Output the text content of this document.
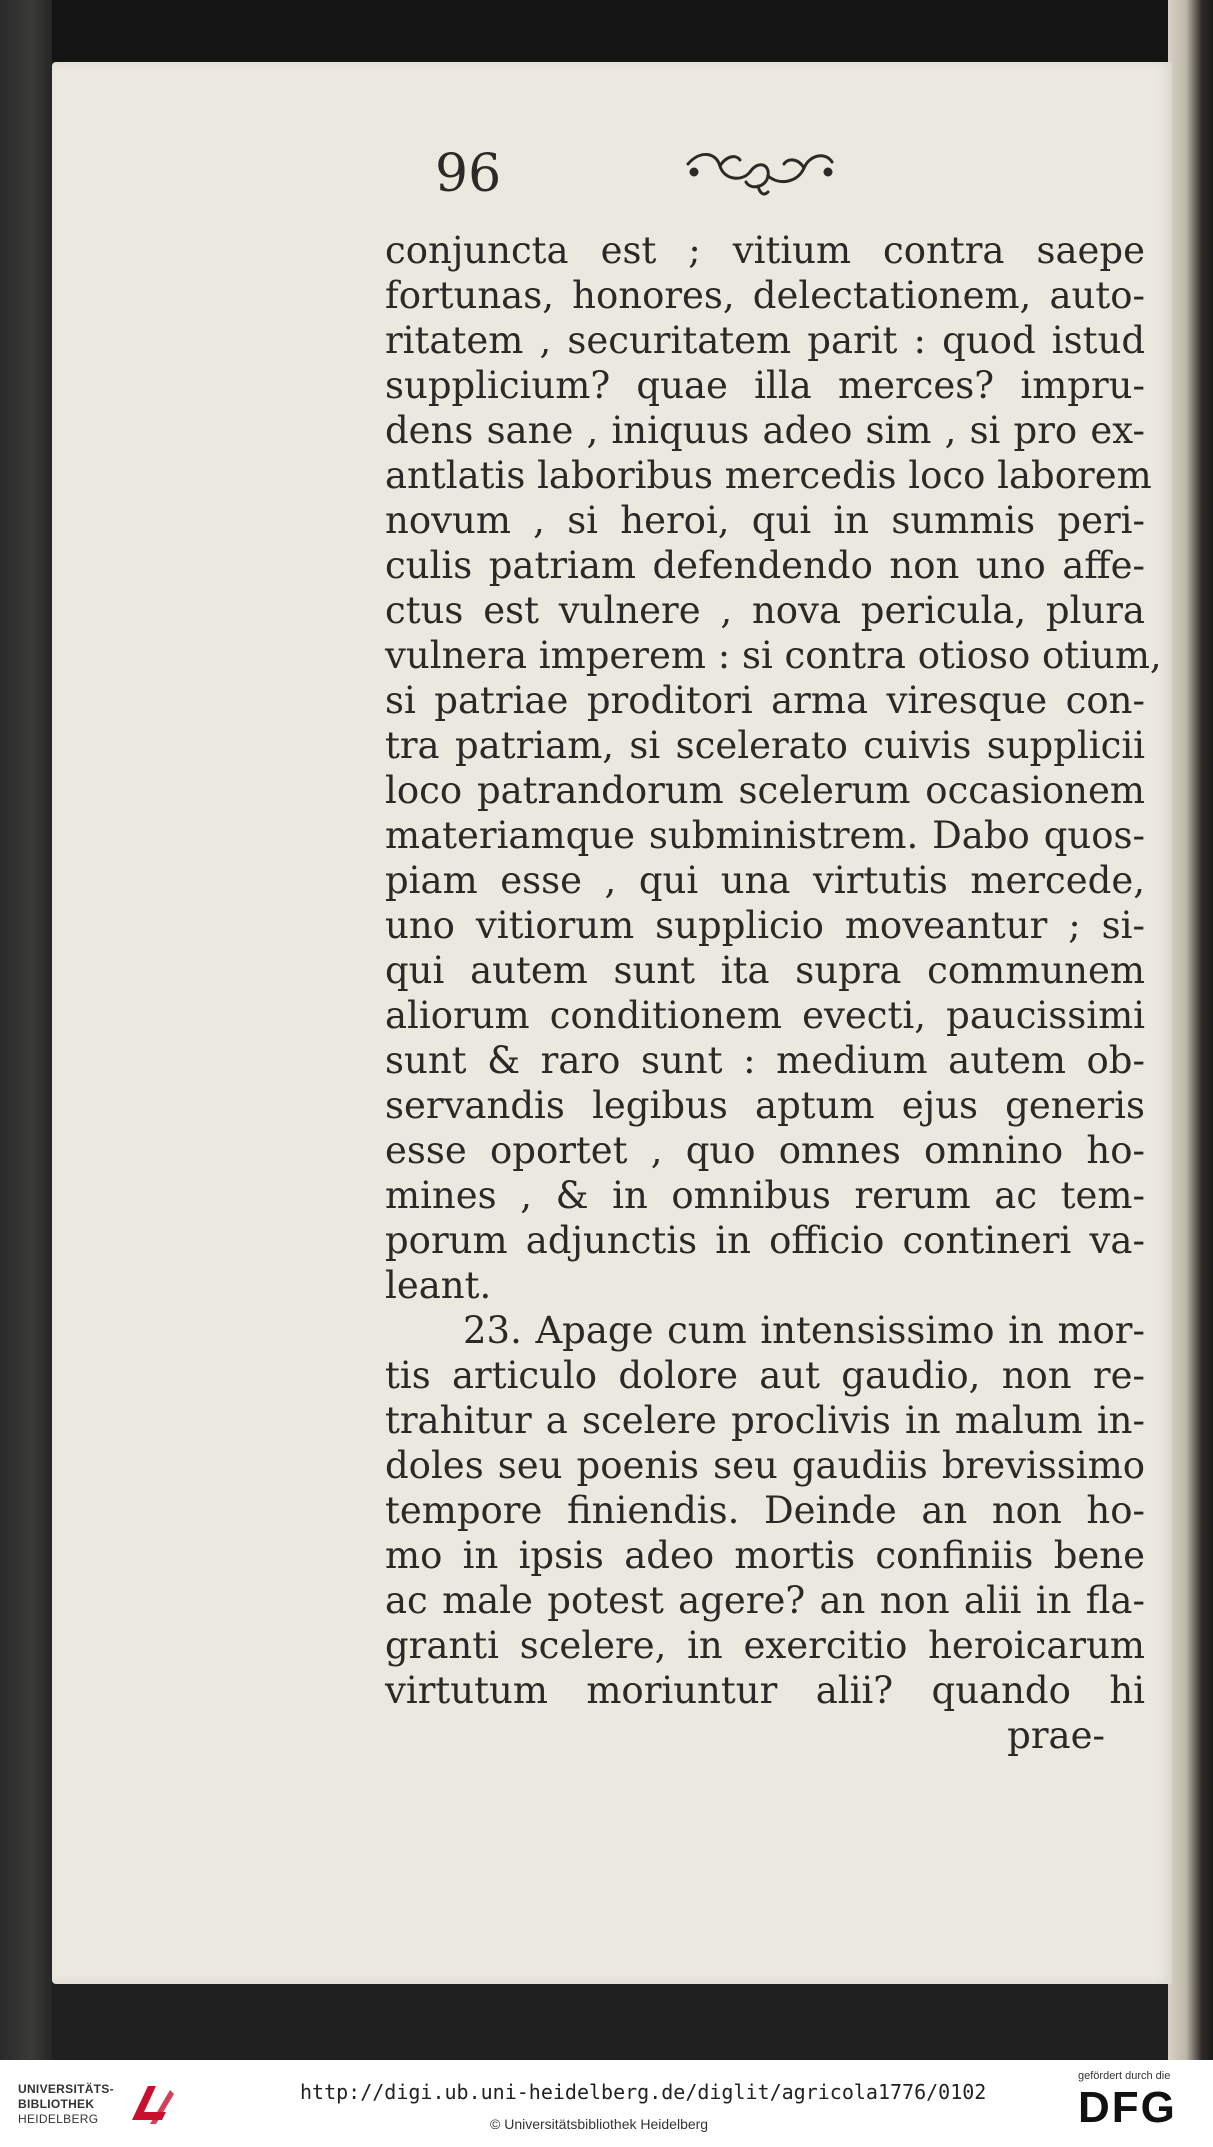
96
conjuncta est ; vitium contra saepe
fortunas, honores, delectationem, auto-
ritatem , securitatem parit : quod istud
supplicium? quae illa merces? impru-
dens sane , iniquus adeo sim , si pro ex-
antlatis laboribus mercedis loco laborem
novum , si heroi, qui in summis peri-
culis patriam defendendo non uno affe-
ctus est vulnere , nova pericula, plura
vulnera imperem : si contra otioso otium,
si patriae proditori arma viresque con-
tra patriam, si scelerato cuivis supplicii
loco patrandorum scelerum occasionem
materiamque subministrem. Dabo quos-
piam esse , qui una virtutis mercede,
uno vitiorum supplicio moveantur ; si-
qui autem sunt ita supra communem
aliorum conditionem evecti, paucissimi
sunt & raro sunt : medium autem ob-
servandis legibus aptum ejus generis
esse oportet , quo omnes omnino ho-
mines , & in omnibus rerum ac tem-
porum adjunctis in officio contineri va-
leant.
23. Apage cum intensissimo in mor-
tis articulo dolore aut gaudio, non re-
trahitur a scelere proclivis in malum in-
doles seu poenis seu gaudiis brevissimo
tempore finiendis. Deinde an non ho-
mo in ipsis adeo mortis confiniis bene
ac male potest agere? an non alii in fla-
granti scelere, in exercitio heroicarum
virtutum moriuntur alii? quando hi
prae-
UNIVERSITÄTS-
BIBLIOTHEK
HEIDELBERG
http://digi.ub.uni-heidelberg.de/diglit/agricola1776/0102
© Universitätsbibliothek Heidelberg
gefördert durch die
DFG
